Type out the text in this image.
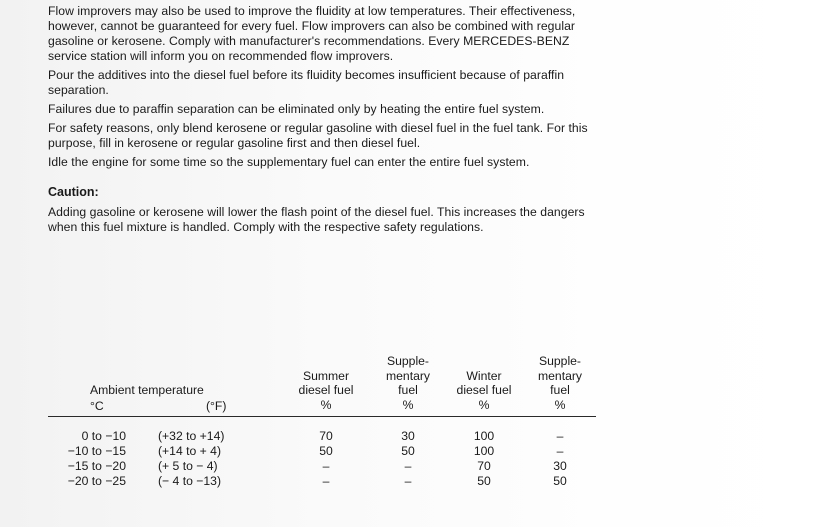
Flow improvers may also be used to improve the fluidity at low temperatures. Their effectiveness, however, cannot be guaranteed for every fuel. Flow improvers can also be combined with regular gasoline or kerosene. Comply with manufacturer's recommendations. Every MERCEDES-BENZ service station will inform you on recommended flow improvers.

Pour the additives into the diesel fuel before its fluidity becomes insufficient because of paraffin separation.

Failures due to paraffin separation can be eliminated only by heating the entire fuel system.

For safety reasons, only blend kerosene or regular gasoline with diesel fuel in the fuel tank. For this purpose, fill in kerosene or regular gasoline first and then diesel fuel.

Idle the engine for some time so the supplementary fuel can enter the entire fuel system.

Caution:

Adding gasoline or kerosene will lower the flash point of the diesel fuel. This increases the dangers when this fuel mixture is handled. Comply with the respective safety regulations.

Ambient temperature
°C	(°F)
Summer
diesel fuel
%
Supple-
mentary
fuel
%
Winter
diesel fuel
%
Supple-
mentary
fuel
%
0 to −10	(+32 to +14)	70	30	100	–
−10 to −15	(+14 to + 4)	50	50	100	–
−15 to −20	(+ 5 to − 4)	–	–	70	30
−20 to −25	(− 4 to −13)	–	–	50	50
